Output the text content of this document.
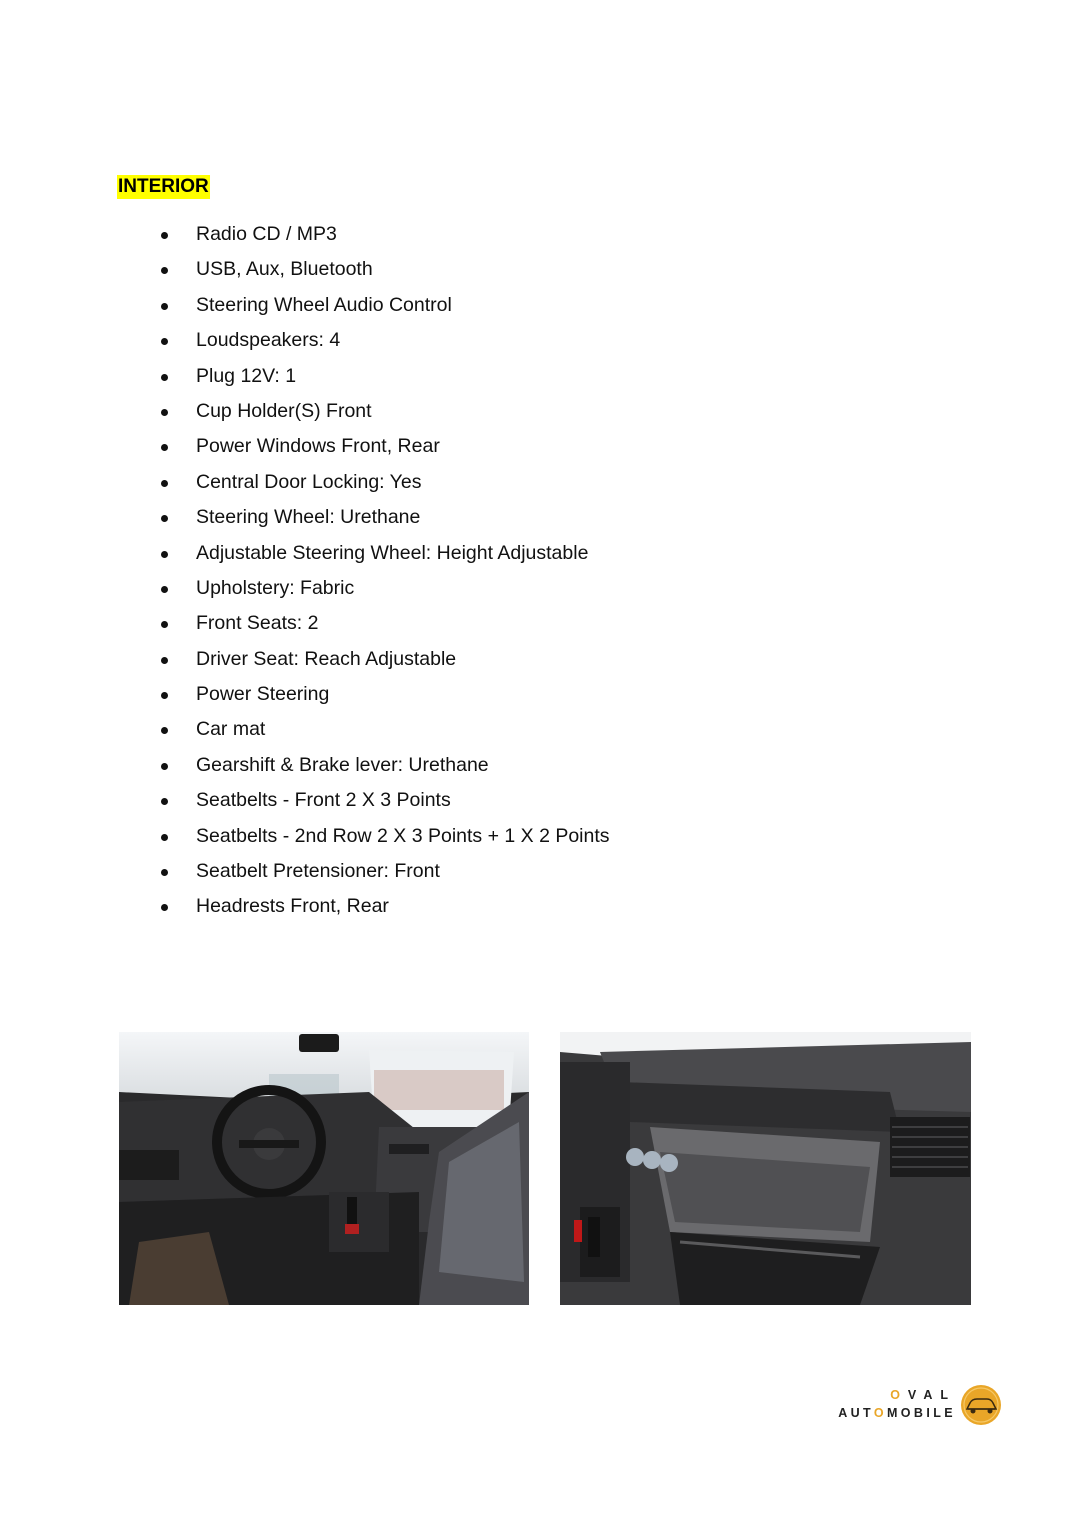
INTERIOR
Radio CD / MP3
USB, Aux, Bluetooth
Steering Wheel Audio Control
Loudspeakers: 4
Plug 12V: 1
Cup Holder(S) Front
Power Windows Front, Rear
Central Door Locking: Yes
Steering Wheel: Urethane
Adjustable Steering Wheel: Height Adjustable
Upholstery: Fabric
Front Seats: 2
Driver Seat: Reach Adjustable
Power Steering
Car mat
Gearshift & Brake lever: Urethane
Seatbelts - Front 2 X 3 Points
Seatbelts - 2nd Row 2 X 3 Points + 1 X 2 Points
Seatbelt Pretensioner: Front
Headrests Front, Rear
OVAL
AUTOMOBILE
